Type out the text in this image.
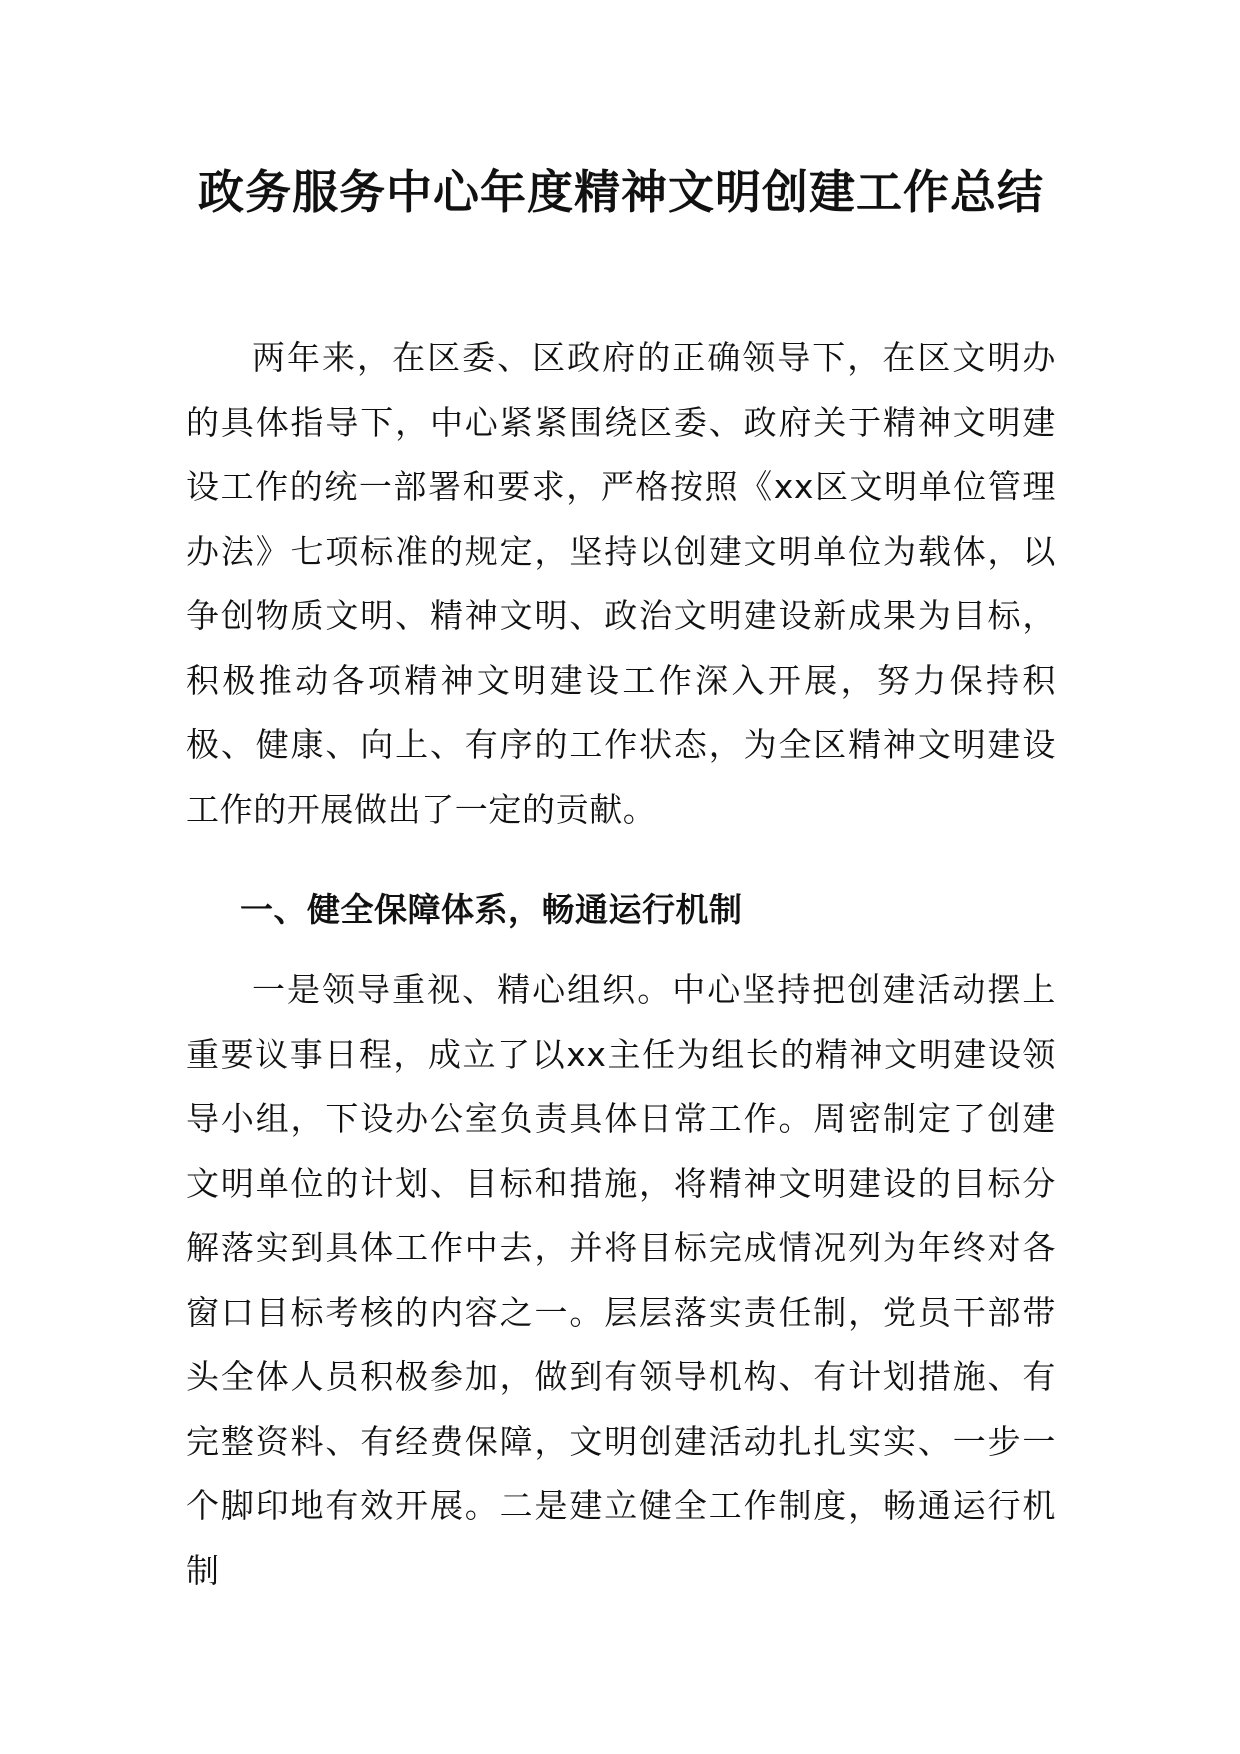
政务服务中心年度精神文明创建工作总结

两年来，在区委、区政府的正确领导下，在区文明办的具体指导下，中心紧紧围绕区委、政府关于精神文明建设工作的统一部署和要求，严格按照《xx区文明单位管理办法》七项标准的规定，坚持以创建文明单位为载体，以争创物质文明、精神文明、政治文明建设新成果为目标，积极推动各项精神文明建设工作深入开展，努力保持积极、健康、向上、有序的工作状态，为全区精神文明建设工作的开展做出了一定的贡献。

一、健全保障体系，畅通运行机制

一是领导重视、精心组织。中心坚持把创建活动摆上重要议事日程，成立了以xx主任为组长的精神文明建设领导小组，下设办公室负责具体日常工作。周密制定了创建文明单位的计划、目标和措施，将精神文明建设的目标分解落实到具体工作中去，并将目标完成情况列为年终对各窗口目标考核的内容之一。层层落实责任制，党员干部带头全体人员积极参加，做到有领导机构、有计划措施、有完整资料、有经费保障，文明创建活动扎扎实实、一步一个脚印地有效开展。二是建立健全工作制度，畅通运行机制
